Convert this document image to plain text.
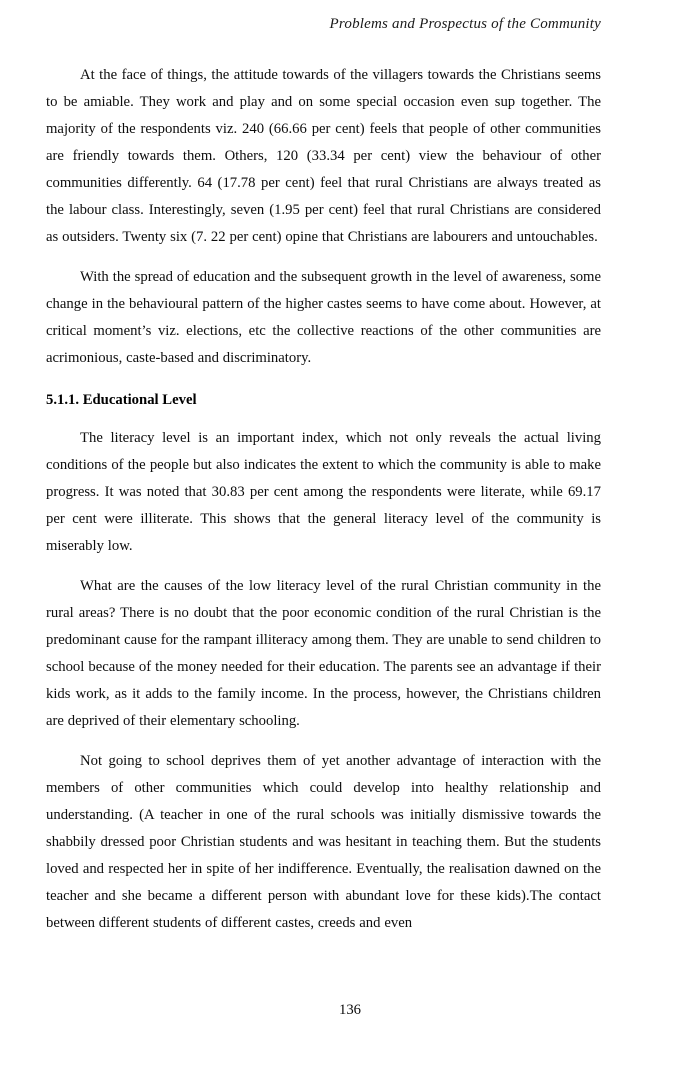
Problems and Prospectus of the Community

At the face of things, the attitude towards of the villagers towards the Christians seems to be amiable. They work and play and on some special occasion even sup together. The majority of the respondents viz. 240 (66.66 per cent) feels that people of other communities are friendly towards them. Others, 120 (33.34 per cent) view the behaviour of other communities differently. 64 (17.78 per cent) feel that rural Christians are always treated as the labour class. Interestingly, seven (1.95 per cent) feel that rural Christians are considered as outsiders. Twenty six (7. 22 per cent) opine that Christians are labourers and untouchables.

With the spread of education and the subsequent growth in the level of awareness, some change in the behavioural pattern of the higher castes seems to have come about. However, at critical moment’s viz. elections, etc the collective reactions of the other communities are acrimonious, caste-based and discriminatory.

5.1.1. Educational Level

The literacy level is an important index, which not only reveals the actual living conditions of the people but also indicates the extent to which the community is able to make progress. It was noted that 30.83 per cent among the respondents were literate, while 69.17 per cent were illiterate. This shows that the general literacy level of the community is miserably low.

What are the causes of the low literacy level of the rural Christian community in the rural areas? There is no doubt that the poor economic condition of the rural Christian is the predominant cause for the rampant illiteracy among them. They are unable to send children to school because of the money needed for their education. The parents see an advantage if their kids work, as it adds to the family income. In the process, however, the Christians children are deprived of their elementary schooling.

Not going to school deprives them of yet another advantage of interaction with the members of other communities which could develop into healthy relationship and understanding. (A teacher in one of the rural schools was initially dismissive towards the shabbily dressed poor Christian students and was hesitant in teaching them. But the students loved and respected her in spite of her indifference. Eventually, the realisation dawned on the teacher and she became a different person with abundant love for these kids).The contact between different students of different castes, creeds and even

136
